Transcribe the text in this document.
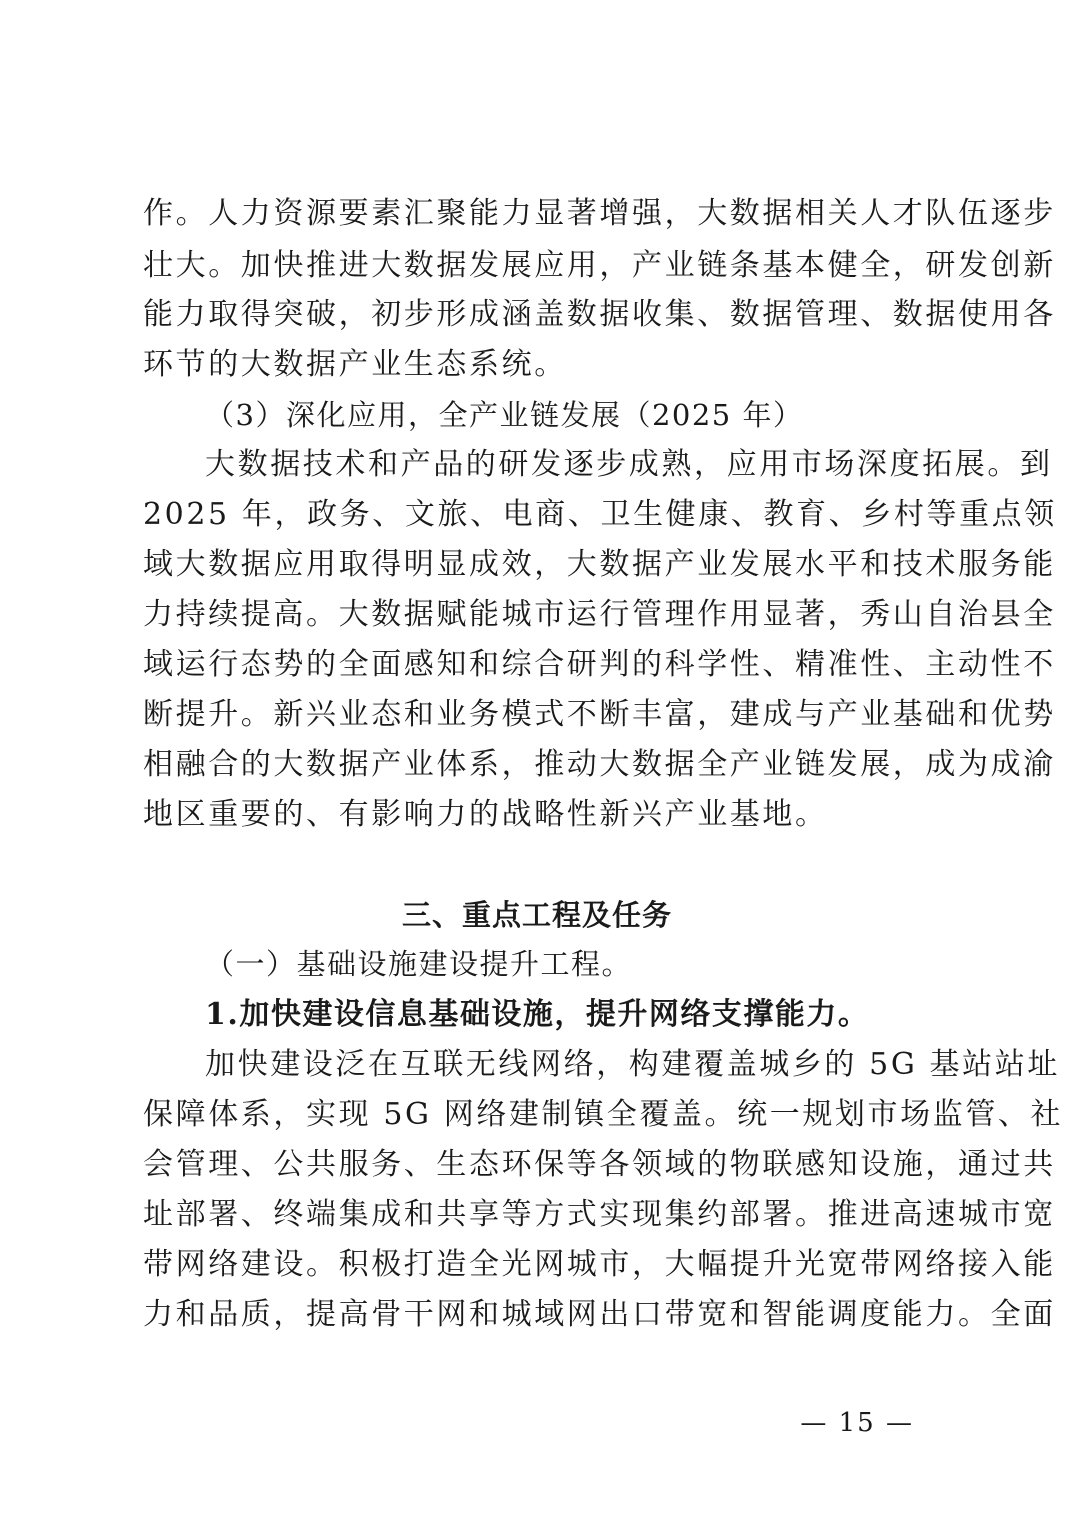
作。人力资源要素汇聚能力显著增强，大数据相关人才队伍逐步
壮大。加快推进大数据发展应用，产业链条基本健全，研发创新
能力取得突破，初步形成涵盖数据收集、数据管理、数据使用各
环节的大数据产业生态系统。
（3）深化应用，全产业链发展（2025 年）
大数据技术和产品的研发逐步成熟，应用市场深度拓展。到
2025 年，政务、文旅、电商、卫生健康、教育、乡村等重点领
域大数据应用取得明显成效，大数据产业发展水平和技术服务能
力持续提高。大数据赋能城市运行管理作用显著，秀山自治县全
域运行态势的全面感知和综合研判的科学性、精准性、主动性不
断提升。新兴业态和业务模式不断丰富，建成与产业基础和优势
相融合的大数据产业体系，推动大数据全产业链发展，成为成渝
地区重要的、有影响力的战略性新兴产业基地。
三、重点工程及任务
（一）基础设施建设提升工程。
1.加快建设信息基础设施，提升网络支撑能力。
加快建设泛在互联无线网络，构建覆盖城乡的 5G 基站站址
保障体系，实现 5G 网络建制镇全覆盖。统一规划市场监管、社
会管理、公共服务、生态环保等各领域的物联感知设施，通过共
址部署、终端集成和共享等方式实现集约部署。推进高速城市宽
带网络建设。积极打造全光网城市，大幅提升光宽带网络接入能
力和品质，提高骨干网和城域网出口带宽和智能调度能力。全面
— 15 —
